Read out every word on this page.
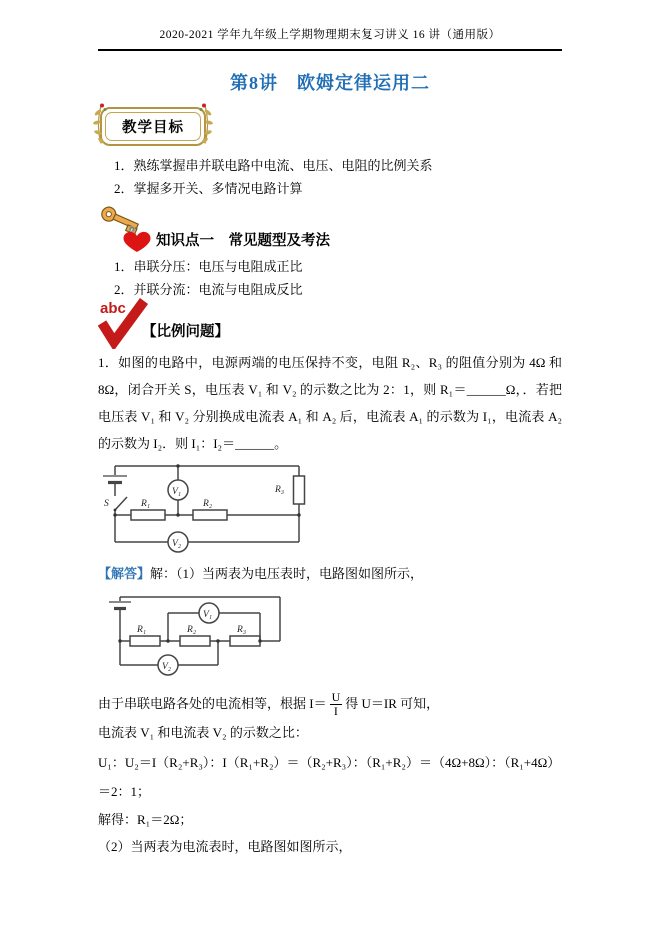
2020-2021 学年九年级上学期物理期末复习讲义 16 讲（通用版）
第8讲　欧姆定律运用二
教学目标
1．熟练掌握串并联电路中电流、电压、电阻的比例关系
2．掌握多开关、多情况电路计算
知识点一　常见题型及考法
1．串联分压：电压与电阻成正比
2．并联分流：电流与电阻成反比
abc
【比例问题】
1．如图的电路中，电源两端的电压保持不变，电阻 R₂、R₃ 的阻值分别为 4Ω 和 8Ω，闭合开关 S，电压表 V₁ 和 V₂ 的示数之比为 2：1，则 R₁＝______Ω，．若把电压表 V₁ 和 V₂ 分别换成电流表 A₁ 和 A₂ 后，电流表 A₁ 的示数为 I₁，电流表 A₂ 的示数为 I₂．则 I₁：I₂＝______。
S	R₁	R₂
R₃
V₁
V₂
【解答】解：（1）当两表为电压表时，电路图如图所示，
R₁	R₂	R₃
V₁
V₂
由于串联电路各处的电流相等，根据 $I= \frac{U}{I}$ 得 U＝IR 可知，
电流表 V₁ 和电流表 V₂ 的示数之比：
U₁：U₂＝I（R₂+R₃）：I（R₁+R₂）＝（R₂+R₃）：（R₁+R₂）＝（4Ω+8Ω）：（R₁+4Ω）＝2：1；
解得：R₁＝2Ω；
（2）当两表为电流表时，电路图如图所示，
